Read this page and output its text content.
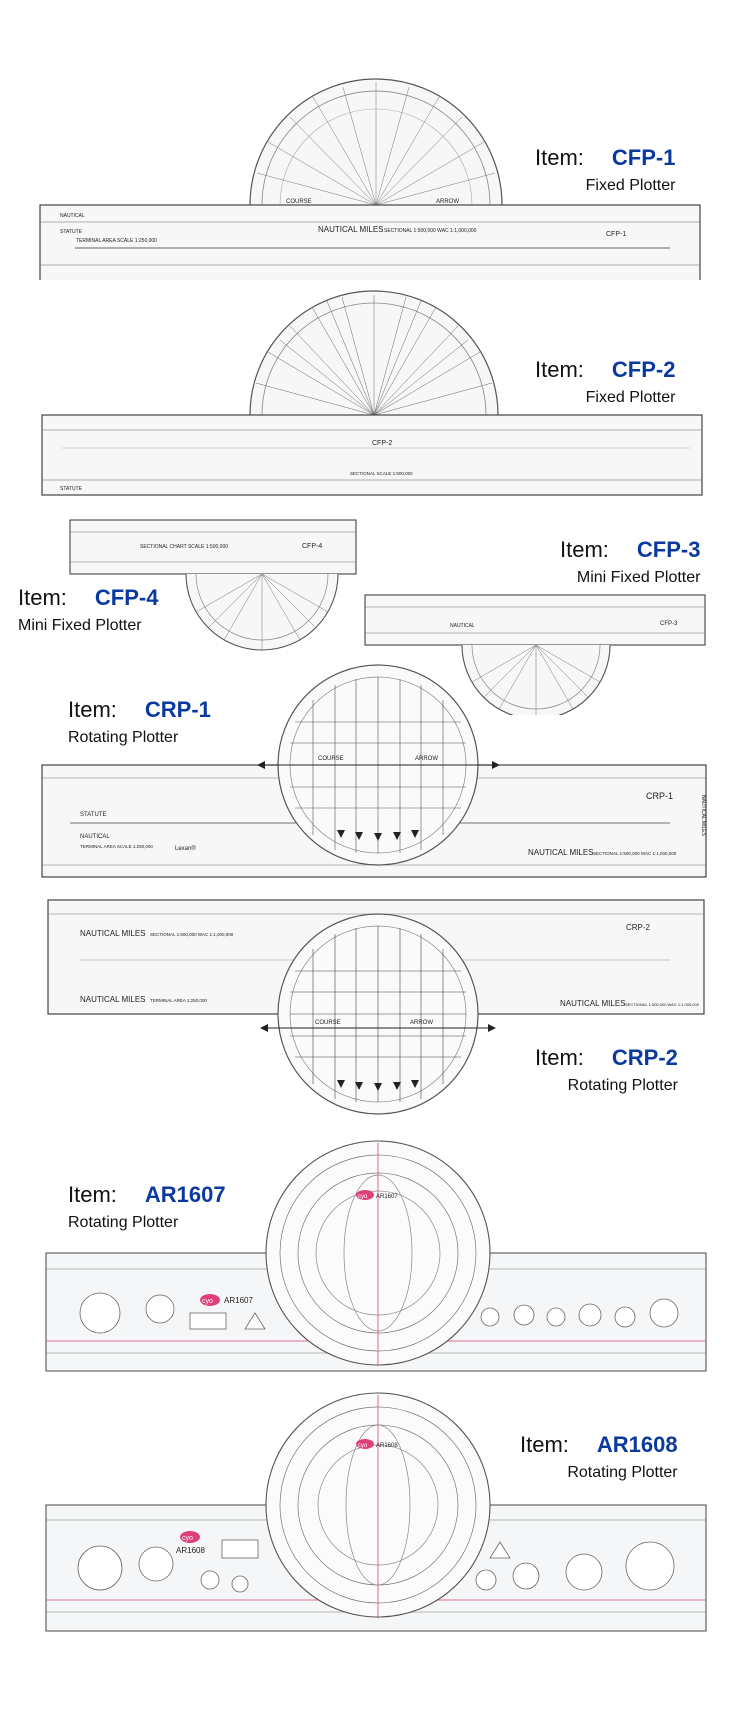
COURSE	ARROW
NAUTICAL MILES SECTIONAL 1:500,000 WAC 1:1,000,000
STATUTE
TERMINAL AREA SCALE 1:250,000
NAUTICAL
CFP-1
Item: CFP-1
Fixed Plotter
CFP-2
SECTIONAL SCALE 1:500,000
STATUTE
Item: CFP-2
Fixed Plotter
SECTIONAL CHART SCALE 1:500,000	CFP-4
Item: CFP-4
Mini Fixed Plotter	NAUTICAL	CFP-3
Item: CFP-3
Mini Fixed Plotter
COURSE	ARROW
STATUTE
NAUTICAL
TERMINAL AREA SCALE 1:250,000	Lexan®	NAUTICAL MILES SECTIONAL 1:500,000 WAC 1:1,000,000
CRP-1	NAUTICAL MILES
Item: CRP-1
Rotating Plotter
NAUTICAL MILES SECTIONAL 1:500,000 WAC 1:1,000,000
NAUTICAL MILES TERMINAL AREA 1:250,000	NAUTICAL MILES SECTIONAL 1:500,000 WAC 1:1,000,000
CRP-2
COURSE	ARROW
Item: CRP-2
Rotating Plotter
cyo AR1607
cyo AR1607
Item: AR1607
Rotating Plotter
cyo
AR1608
cyo AR1608	Item: AR1608
Rotating Plotter
